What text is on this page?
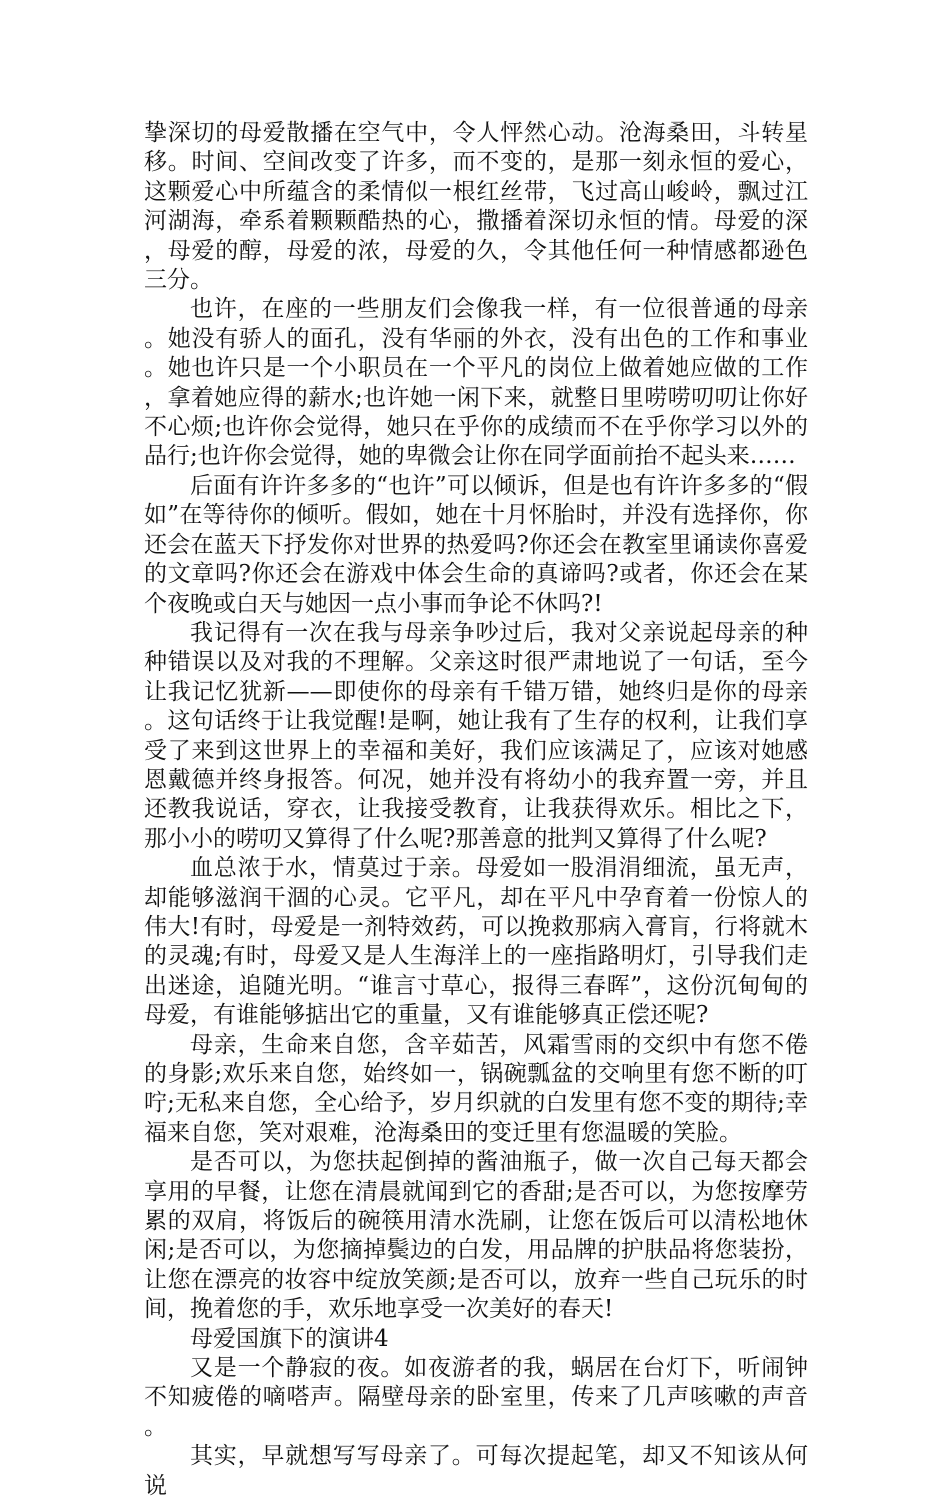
挚深切的母爱散播在空气中，令人怦然心动。沧海桑田，斗转星移。时间、空间改变了许多，而不变的，是那一刻永恒的爱心，这颗爱心中所蕴含的柔情似一根红丝带，飞过高山峻岭，飘过江河湖海，牵系着颗颗酷热的心，撒播着深切永恒的情。母爱的深，母爱的醇，母爱的浓，母爱的久，令其他任何一种情感都逊色三分。

也许，在座的一些朋友们会像我一样，有一位很普通的母亲。她没有骄人的面孔，没有华丽的外衣，没有出色的工作和事业。她也许只是一个小职员在一个平凡的岗位上做着她应做的工作，拿着她应得的薪水;也许她一闲下来，就整日里唠唠叨叨让你好不心烦;也许你会觉得，她只在乎你的成绩而不在乎你学习以外的品行;也许你会觉得，她的卑微会让你在同学面前抬不起头来……

后面有许许多多的“也许”可以倾诉，但是也有许许多多的“假如”在等待你的倾听。假如，她在十月怀胎时，并没有选择你，你还会在蓝天下抒发你对世界的热爱吗?你还会在教室里诵读你喜爱的文章吗?你还会在游戏中体会生命的真谛吗?或者，你还会在某个夜晚或白天与她因一点小事而争论不休吗?!

我记得有一次在我与母亲争吵过后，我对父亲说起母亲的种种错误以及对我的不理解。父亲这时很严肃地说了一句话，至今让我记忆犹新——即使你的母亲有千错万错，她终归是你的母亲。这句话终于让我觉醒!是啊，她让我有了生存的权利，让我们享受了来到这世界上的幸福和美好，我们应该满足了，应该对她感恩戴德并终身报答。何况，她并没有将幼小的我弃置一旁，并且还教我说话，穿衣，让我接受教育，让我获得欢乐。相比之下，那小小的唠叨又算得了什么呢?那善意的批判又算得了什么呢?

血总浓于水，情莫过于亲。母爱如一股涓涓细流，虽无声，却能够滋润干涸的心灵。它平凡，却在平凡中孕育着一份惊人的伟大!有时，母爱是一剂特效药，可以挽救那病入膏肓，行将就木的灵魂;有时，母爱又是人生海洋上的一座指路明灯，引导我们走出迷途，追随光明。“谁言寸草心，报得三春晖”，这份沉甸甸的母爱，有谁能够掂出它的重量，又有谁能够真正偿还呢?

母亲，生命来自您，含辛茹苦，风霜雪雨的交织中有您不倦的身影;欢乐来自您，始终如一，锅碗瓢盆的交响里有您不断的叮咛;无私来自您，全心给予，岁月织就的白发里有您不变的期待;幸福来自您，笑对艰难，沧海桑田的变迁里有您温暖的笑脸。

是否可以，为您扶起倒掉的酱油瓶子，做一次自己每天都会享用的早餐，让您在清晨就闻到它的香甜;是否可以，为您按摩劳累的双肩，将饭后的碗筷用清水洗刷，让您在饭后可以清松地休闲;是否可以，为您摘掉鬓边的白发，用品牌的护肤品将您装扮，让您在漂亮的妆容中绽放笑颜;是否可以，放弃一些自己玩乐的时间，挽着您的手，欢乐地享受一次美好的春天!

母爱国旗下的演讲4

又是一个静寂的夜。如夜游者的我，蜗居在台灯下，听闹钟不知疲倦的嘀嗒声。隔壁母亲的卧室里，传来了几声咳嗽的声音。

其实，早就想写写母亲了。可每次提起笔，却又不知该从何说
